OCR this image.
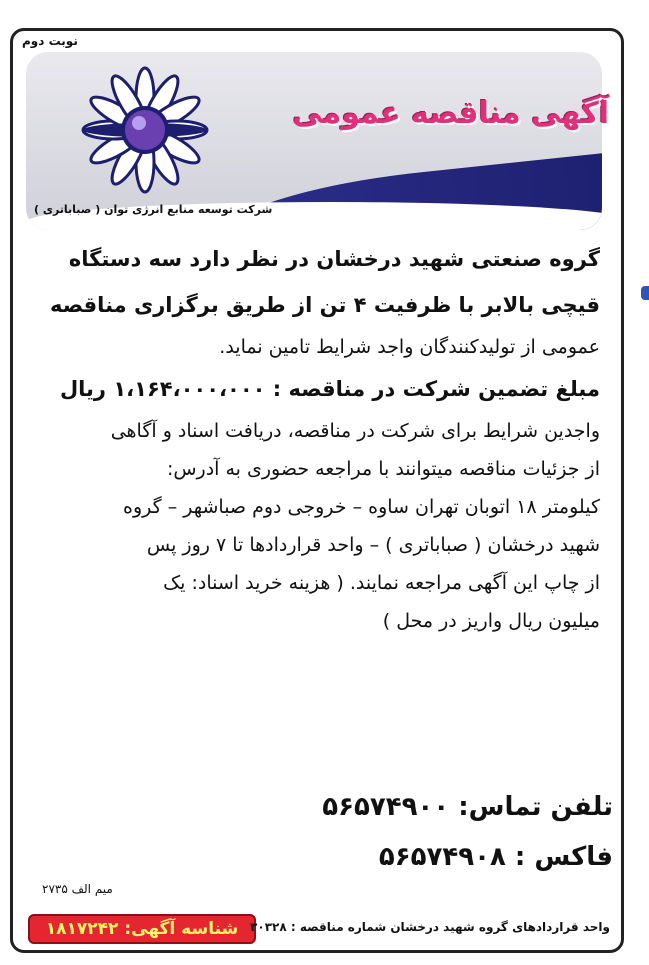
نوبت دوم
آگهی مناقصه عمومی
شرکت توسعه منابع انرژی توان ( صباباتری )
گروه صنعتی شهید درخشان در نظر دارد سه دستگاه
قیچی بالابر با ظرفیت ۴ تن از طریق برگزاری مناقصه
عمومی از تولیدکنندگان واجد شرایط تامین نماید.
مبلغ تضمین شرکت در مناقصه : ۱،۱۶۴،۰۰۰،۰۰۰ ریال
واجدین شرایط برای شرکت در مناقصه، دریافت اسناد و آگاهی
از جزئیات مناقصه میتوانند با مراجعه حضوری به آدرس:
کیلومتر ۱۸ اتوبان تهران ساوه – خروجی دوم صباشهر – گروه
شهید درخشان ( صباباتری ) – واحد قراردادها تا ۷ روز پس
از چاپ این آگهی مراجعه نمایند. ( هزینه خرید اسناد: یک
میلیون ریال واریز در محل )
تلفن تماس: ۵۶۵۷۴۹۰۰
فاکس : ۵۶۵۷۴۹۰۸
میم الف ۲۷۳۵
شناسه آگهی: ۱۸۱۷۲۴۲ واحد قراردادهای گروه شهید درخشان شماره مناقصه : ۳۰۳۲۸
